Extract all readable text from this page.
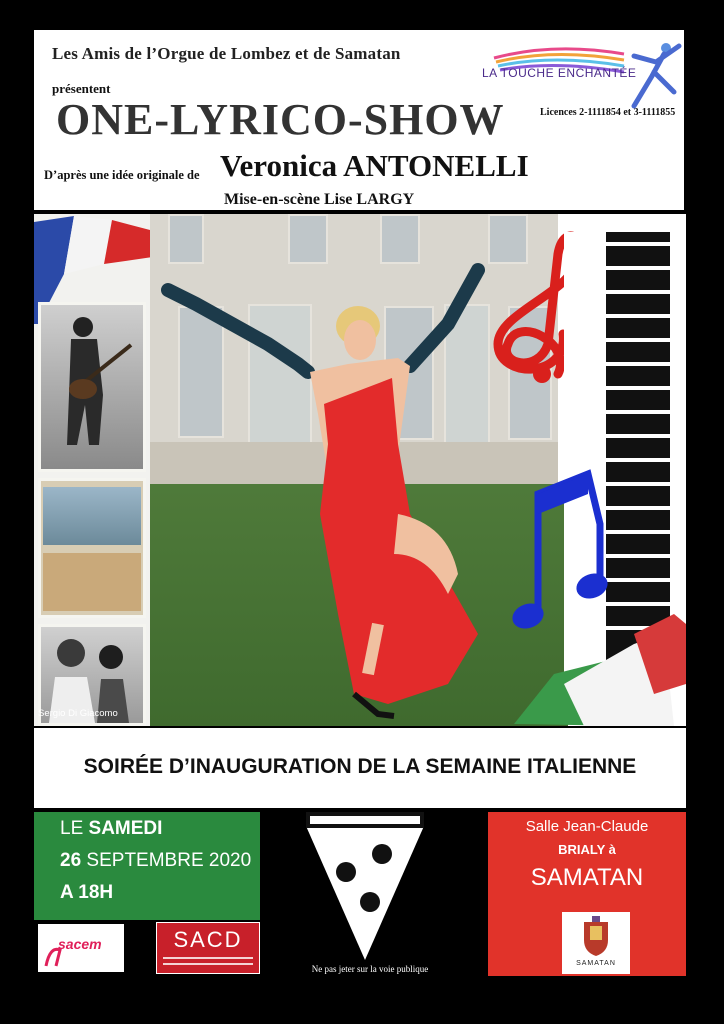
Les Amis de l’Orgue de Lombez et de Samatan
présentent
ONE-LYRICO-SHOW	Licences 2-1111854 et 3-1111855
D’après une idée originale de Veronica ANTONELLI
Mise-en-scène Lise LARGY
LA TOUCHE ENCHANTÉE
Sergio Di Giacomo
SOIRÉE D’INAUGURATION DE LA SEMAINE ITALIENNE
LE SAMEDI
26 SEPTEMBRE 2020
A 18H
sacem	SACD
Ne pas jeter sur la voie publique
Salle Jean-Claude
BRIALY à
SAMATAN
SAMATAN
